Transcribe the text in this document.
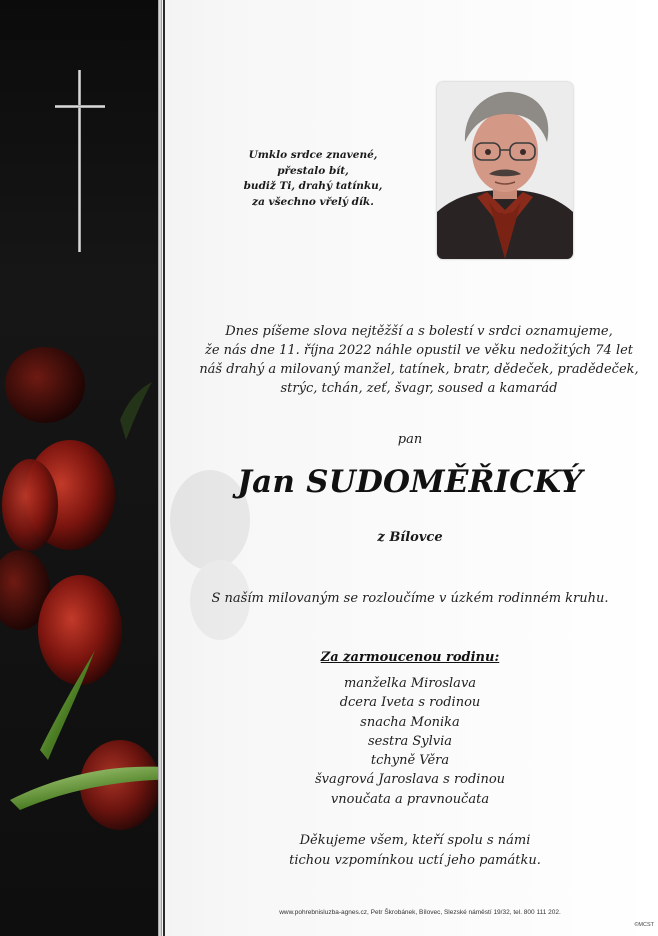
Umklo srdce znavené,
přestalo bít,
budiž Ti, drahý tatínku,
za všechno vřelý dík.
Dnes píšeme slova nejtěžší a s bolestí v srdci oznamujeme,
že nás dne 11. října 2022 náhle opustil ve věku nedožitých 74 let
náš drahý a milovaný manžel, tatínek, bratr, dědeček, pradědeček,
strýc, tchán, zeť, švagr, soused a kamarád
pan
Jan SUDOMĚŘICKÝ
z Bílovce
S naším milovaným se rozloučíme v úzkém rodinném kruhu.
Za zarmoucenou rodinu:
manželka Miroslava
dcera Iveta s rodinou
snacha Monika
sestra Sylvia
tchyně Věra
švagrová Jaroslava s rodinou
vnoučata a pravnoučata
Děkujeme všem, kteří spolu s námi
tichou vzpomínkou uctí jeho památku.
www.pohrebnisluzba-agnes.cz, Petr Škrobánek, Bílovec, Slezské náměstí 19/32, tel. 800 111 202.
©MCST
